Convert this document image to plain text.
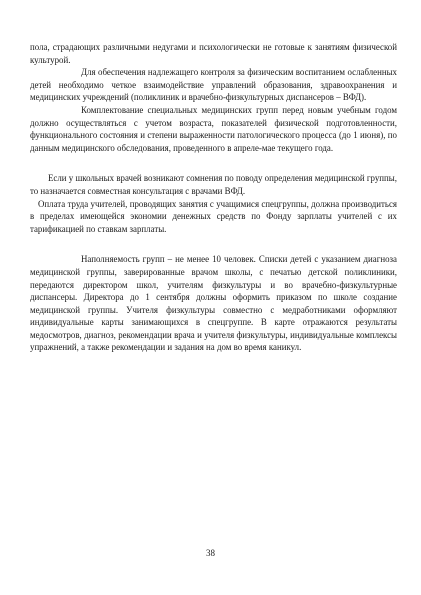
пола, страдающих различными недугами и психологически не готовые к занятиям физической культурой.

Для обеспечения надлежащего контроля за физическим воспитанием ослабленных детей необходимо четкое взаимодействие управлений образования, здравоохранения и медицинских учреждений (поликлиник и врачебно-физкультурных диспансеров – ВФД).

Комплектование специальных медицинских групп перед новым учебным годом должно осуществляться с учетом возраста, показателей физической подготовленности, функционального состояния и степени выраженности патологического процесса (до 1 июня), по данным медицинского обследования, проведенного в апреле-мае текущего года.

Если у школьных врачей возникают сомнения по поводу определения медицинской группы, то назначается совместная консультация с врачами ВФД.

Оплата труда учителей, проводящих занятия с учащимися спецгруппы, должна производиться в пределах имеющейся экономии денежных средств по Фонду зарплаты учителей с их тарификацией по ставкам зарплаты.

Наполняемость групп – не менее 10 человек. Списки детей с указанием диагноза медицинской группы, заверированные врачом школы, с печатью детской поликлиники, передаются директором школ, учителям физкультуры и во врачебно-физкультурные диспансеры. Директора до 1 сентября должны оформить приказом по школе создание медицинской группы. Учителя физкультуры совместно с медработниками оформляют индивидуальные карты занимающихся в спецгруппе. В карте отражаются результаты медосмотров, диагноз, рекомендации врача и учителя физкультуры, индивидуальные комплексы упражнений, а также рекомендации и задания на дом во время каникул.

38
